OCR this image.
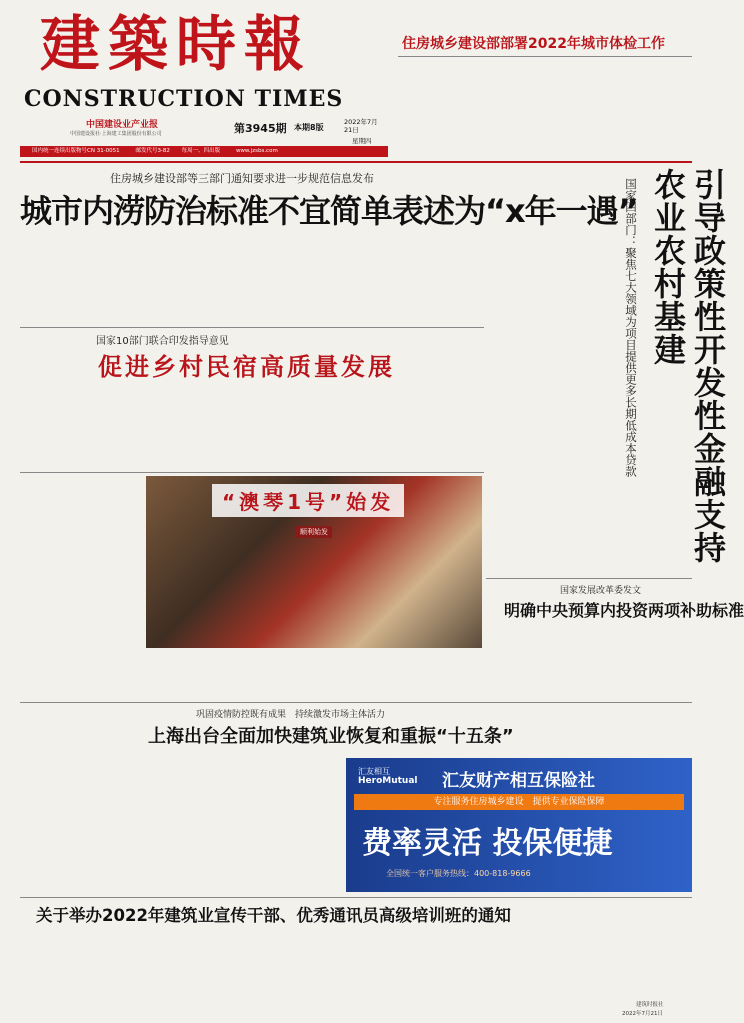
建築時報
CONSTRUCTION TIMES
中国建设业产业报
中国建设报社·上海建工集团股份有限公司	第3945期 本期8版
2022年7月21日
星期四
国内统一连续出版物号CN 31-0051	邮发代号3-82 每周一、四出版	www.jzsbs.com
住房城乡建设部部署2022年城市体检工作
住房城乡建设部等三部门通知要求进一步规范信息发布
城市内涝防治标准不宜简单表述为“x年一遇”	引导政策性开发性金融支持农业农村基建
国家四部门：聚焦七大领域为项目提供更多长期低成本贷款
国家10部门联合印发指导意见
促进乡村民宿高质量发展
“澳琴1号”始发
顺利始发
国家发展改革委发文
明确中央预算内投资两项补助标准
巩固疫情防控既有成果　持续激发市场主体活力
上海出台全面加快建筑业恢复和重振“十五条”
汇友相互
HeroMutual 汇友财产相互保险社
专注服务住房城乡建设　提供专业保险保障
费率灵活 投保便捷
全国统一客户服务热线：400-818-9666
关于举办2022年建筑业宣传干部、优秀通讯员高级培训班的通知
建筑时报社
2022年7月21日
